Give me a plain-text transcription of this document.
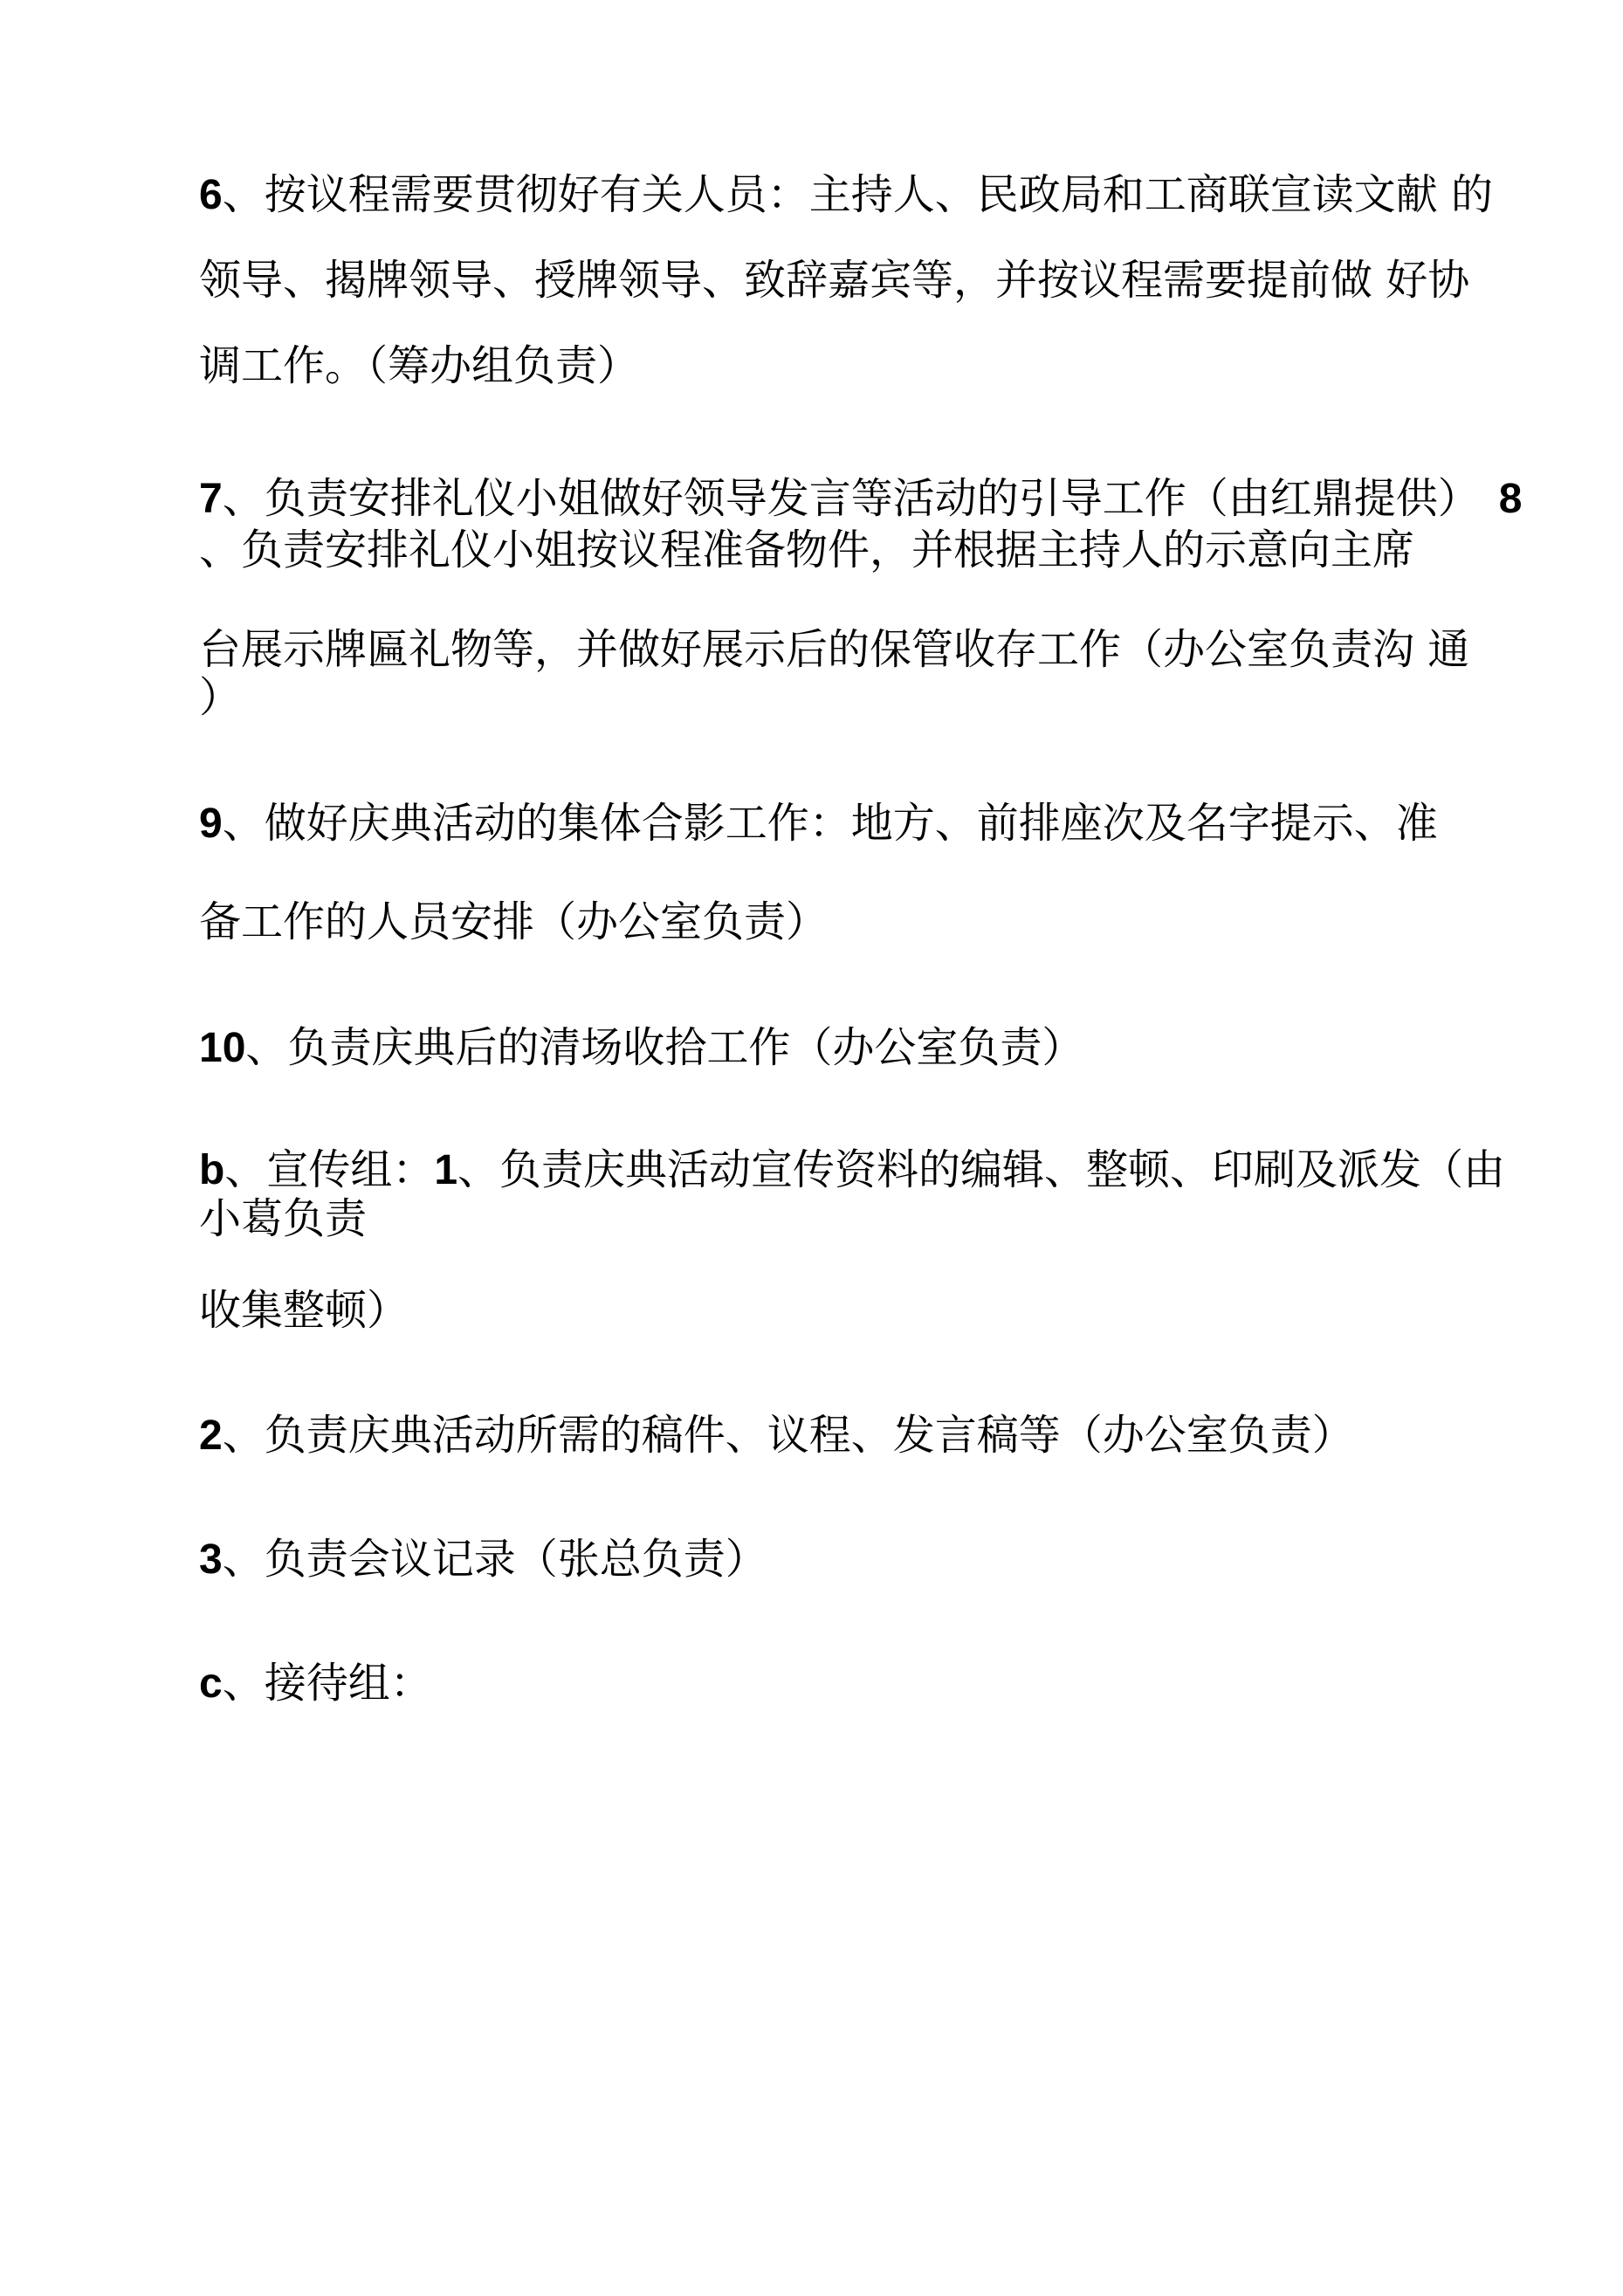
6、按议程需要贯彻好有关人员：主持人、民政局和工商联宣读文献 的
领导、揭牌领导、授牌领导、致辞嘉宾等，并按议程需要提前做 好协
调工作。（筹办组负责）
7、负责安排礼仪小姐做好领导发言等活动的引导工作（由红鼎提供） 8
、负责安排礼仪小姐按议程准备物件，并根据主持人的示意向主席
台展示牌匾礼物等，并做好展示后的保管收存工作（办公室负责沟 通
）
9、做好庆典活动的集体合影工作：地方、前排座次及名字提示、准
备工作的人员安排（办公室负责）
10、负责庆典后的清场收拾工作（办公室负责）
b、宣传组：1、负责庆典活动宣传资料的编辑、整顿、印刷及派发（由
小葛负责
收集整顿）
2、负责庆典活动所需的稿件、议程、发言稿等（办公室负责）
3、负责会议记录（张总负责）
c、接待组：
